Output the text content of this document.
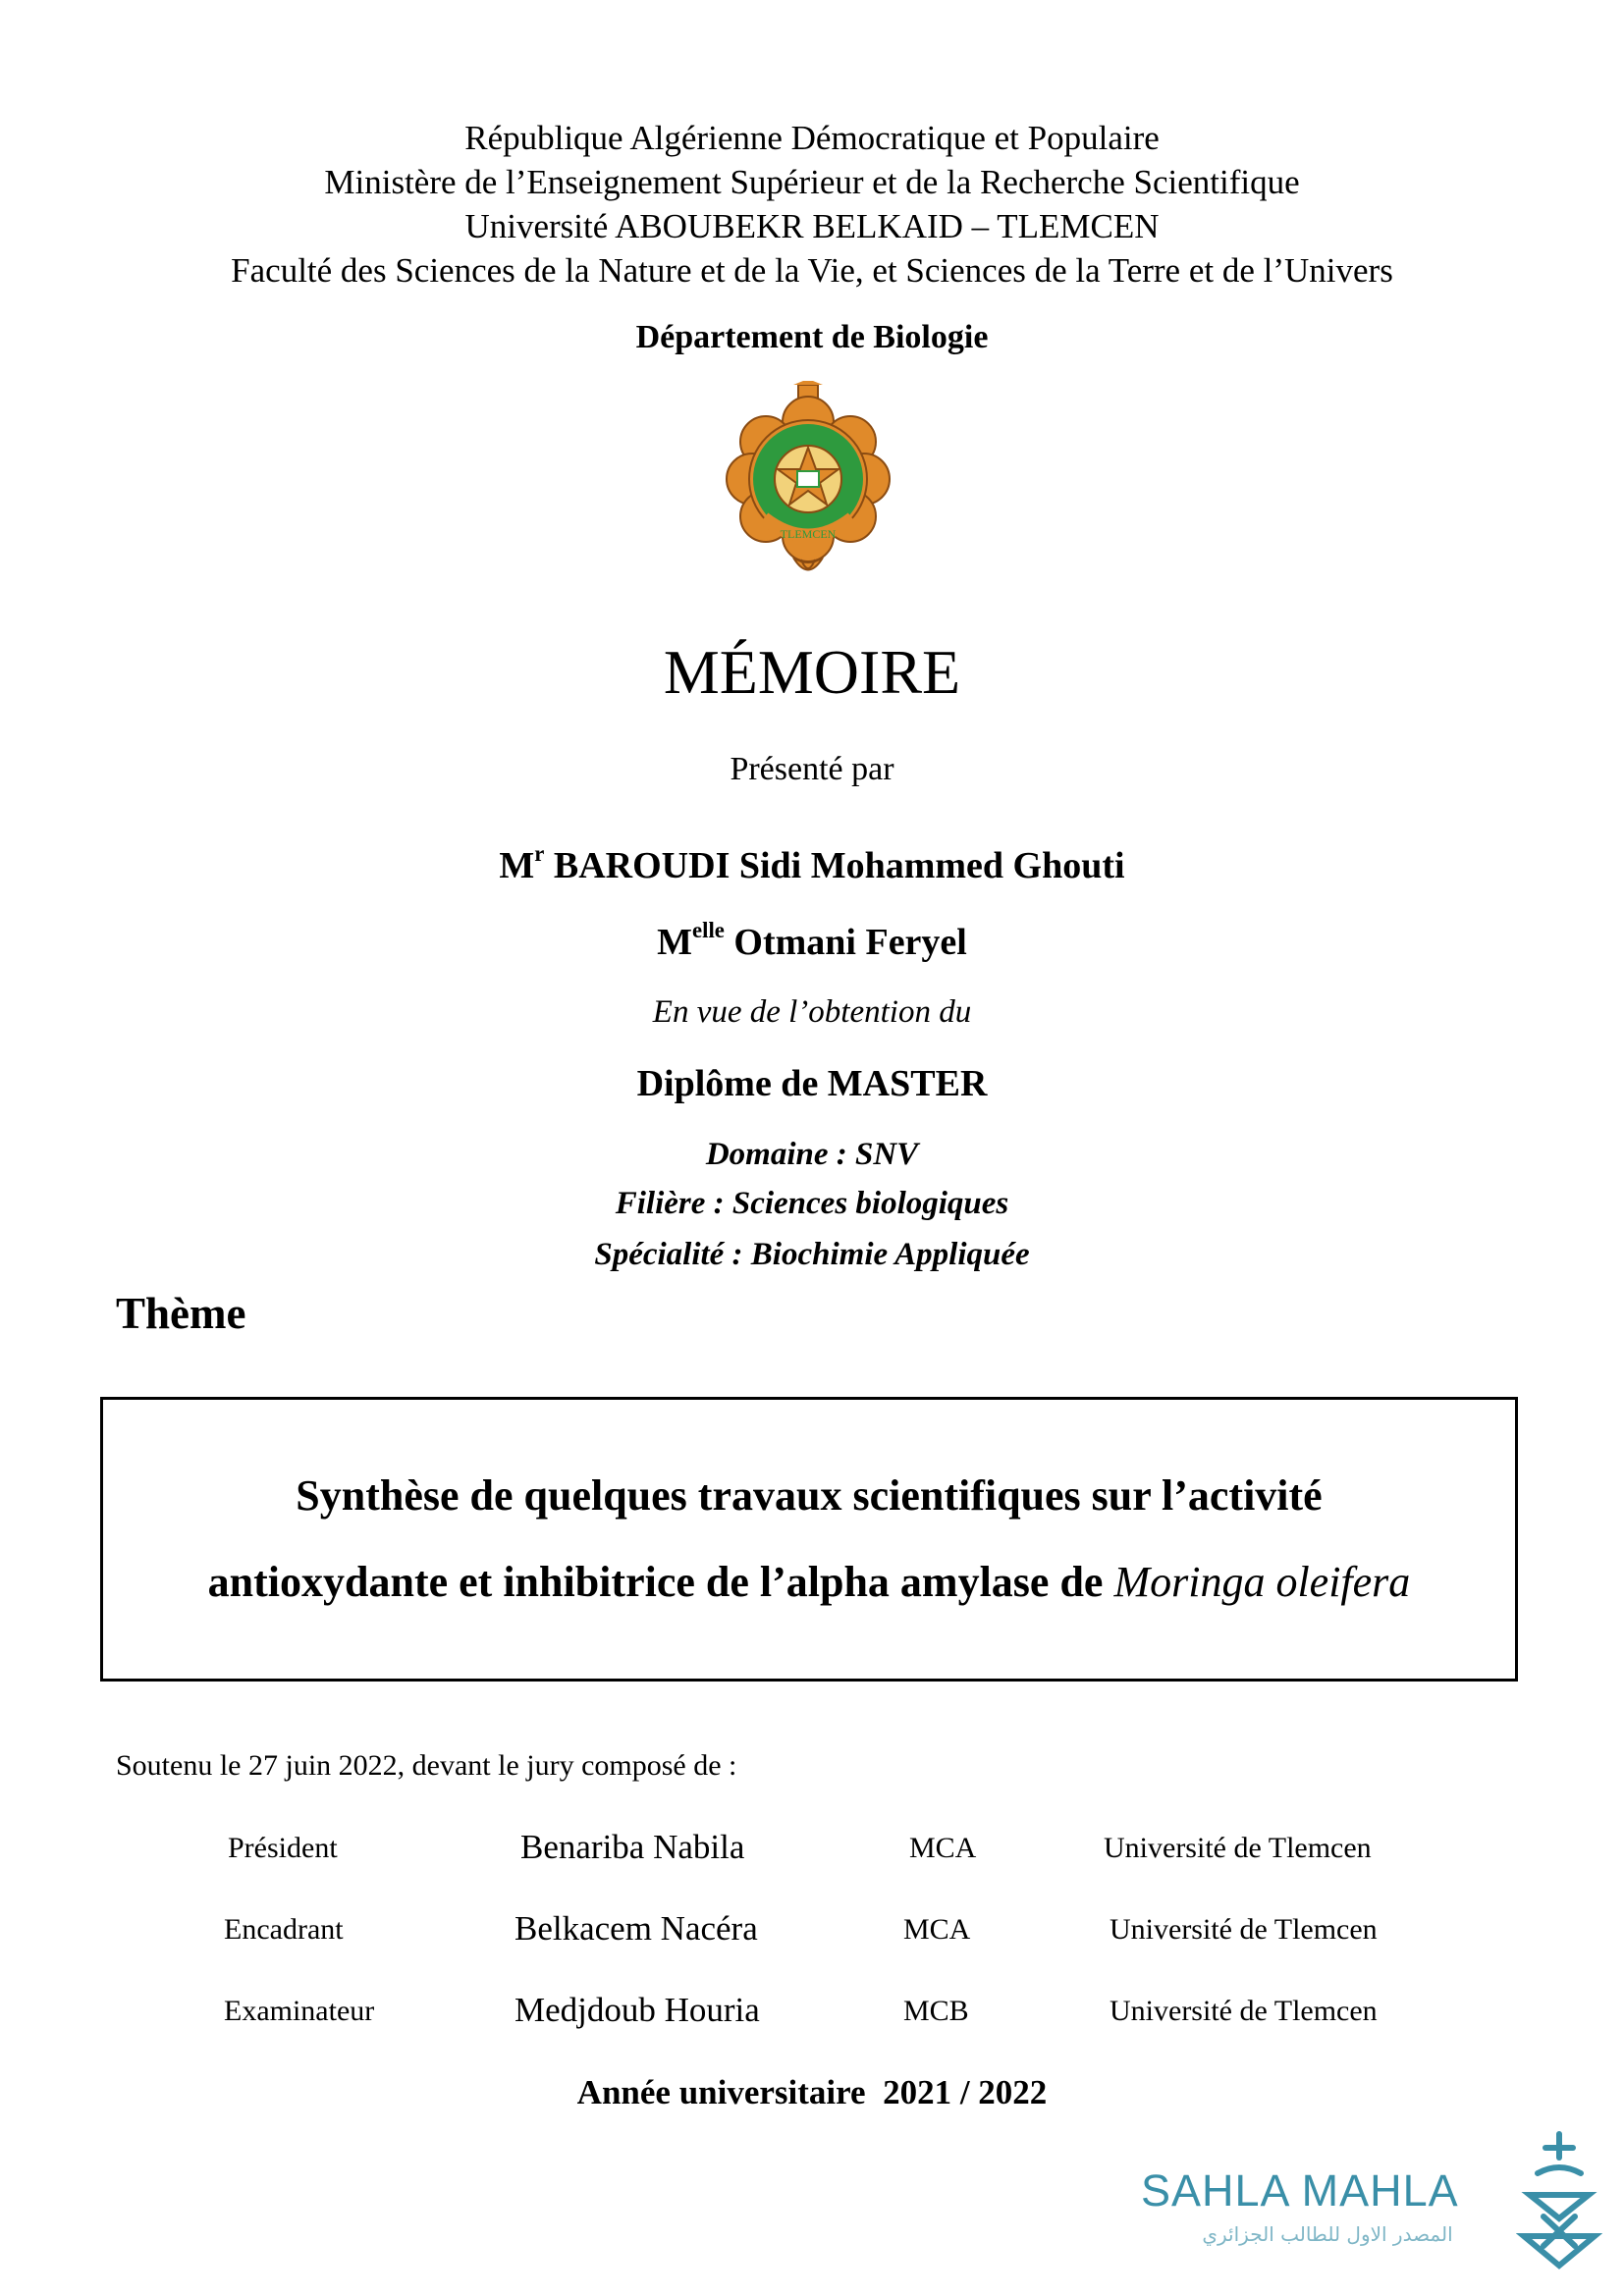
République Algérienne Démocratique et Populaire
Ministère de l’Enseignement Supérieur et de la Recherche Scientifique
Université ABOUBEKR BELKAID – TLEMCEN
Faculté des Sciences de la Nature et de la Vie, et Sciences de la Terre et de l’Univers
Département de Biologie
TLEMCEN
MÉMOIRE
Présenté par
$M^r$ BAROUDI Sidi Mohammed Ghouti
$M^{elle}$ Otmani Feryel
En vue de l’obtention du
Diplôme de MASTER
Domaine : SNV
Filière : Sciences biologiques
Spécialité : Biochimie Appliquée
Thème
Synthèse de quelques travaux scientifiques sur l’activité
antioxydante et inhibitrice de l’alpha amylase de Moringa oleifera
Soutenu le 27 juin 2022, devant le jury composé de :
Président	Benariba Nabila	MCA	Université de Tlemcen
Encadrant	Belkacem Nacéra	MCA	Université de Tlemcen
Examinateur	Medjdoub Houria	MCB	Université de Tlemcen
Année universitaire  2021 / 2022
SAHLA MAHLA
المصدر الاول للطالب الجزائري
